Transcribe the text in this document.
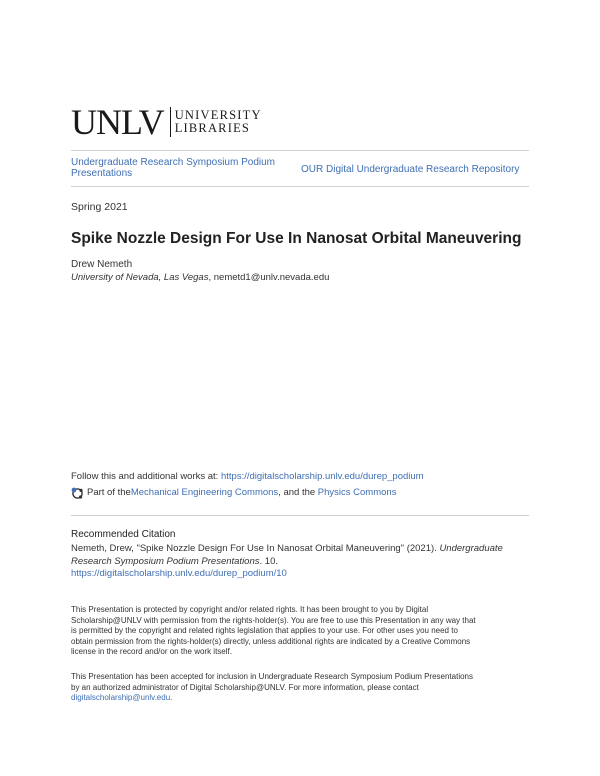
UNLV UNIVERSITY
LIBRARIES
Undergraduate Research Symposium Podium Presentations	OUR Digital Undergraduate Research Repository
Spring 2021
Spike Nozzle Design For Use In Nanosat Orbital Maneuvering
Drew Nemeth
University of Nevada, Las Vegas, nemetd1@unlv.nevada.edu
Follow this and additional works at: https://digitalscholarship.unlv.edu/durep_podium
Part of the Mechanical Engineering Commons , and the Physics Commons
Recommended Citation
Nemeth, Drew, "Spike Nozzle Design For Use In Nanosat Orbital Maneuvering" (2021). Undergraduate
Research Symposium Podium Presentations. 10.
https://digitalscholarship.unlv.edu/durep_podium/10
This Presentation is protected by copyright and/or related rights. It has been brought to you by Digital
Scholarship@UNLV with permission from the rights-holder(s). You are free to use this Presentation in any way that
is permitted by the copyright and related rights legislation that applies to your use. For other uses you need to
obtain permission from the rights-holder(s) directly, unless additional rights are indicated by a Creative Commons
license in the record and/or on the work itself.
This Presentation has been accepted for inclusion in Undergraduate Research Symposium Podium Presentations
by an authorized administrator of Digital Scholarship@UNLV. For more information, please contact
digitalscholarship@unlv.edu.
